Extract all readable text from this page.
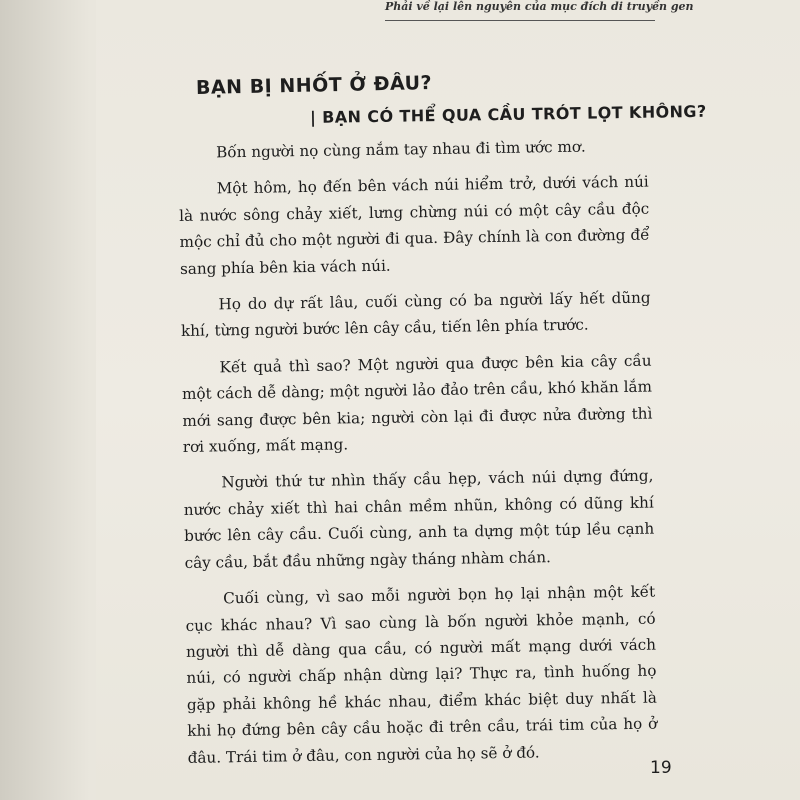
Phải về lại lên nguyên của mục đích di truyền gen
BẠN BỊ NHỐT Ở ĐÂU?
| BẠN CÓ THỂ QUA CẦU TRÓT LỌT KHÔNG?

Bốn người nọ cùng nắm tay nhau đi tìm ước mơ.

Một hôm, họ đến bên vách núi hiểm trở, dưới vách núi là nước sông chảy xiết, lưng chừng núi có một cây cầu độc mộc chỉ đủ cho một người đi qua. Đây chính là con đường để sang phía bên kia vách núi.

Họ do dự rất lâu, cuối cùng có ba người lấy hết dũng khí, từng người bước lên cây cầu, tiến lên phía trước.

Kết quả thì sao? Một người qua được bên kia cây cầu một cách dễ dàng; một người lảo đảo trên cầu, khó khăn lắm mới sang được bên kia; người còn lại đi được nửa đường thì rơi xuống, mất mạng.

Người thứ tư nhìn thấy cầu hẹp, vách núi dựng đứng, nước chảy xiết thì hai chân mềm nhũn, không có dũng khí bước lên cây cầu. Cuối cùng, anh ta dựng một túp lều cạnh cây cầu, bắt đầu những ngày tháng nhàm chán.

Cuối cùng, vì sao mỗi người bọn họ lại nhận một kết cục khác nhau? Vì sao cùng là bốn người khỏe mạnh, có người thì dễ dàng qua cầu, có người mất mạng dưới vách núi, có người chấp nhận dừng lại? Thực ra, tình huống họ gặp phải không hề khác nhau, điểm khác biệt duy nhất là khi họ đứng bên cây cầu hoặc đi trên cầu, trái tim của họ ở đâu. Trái tim ở đâu, con người của họ sẽ ở đó.

19
